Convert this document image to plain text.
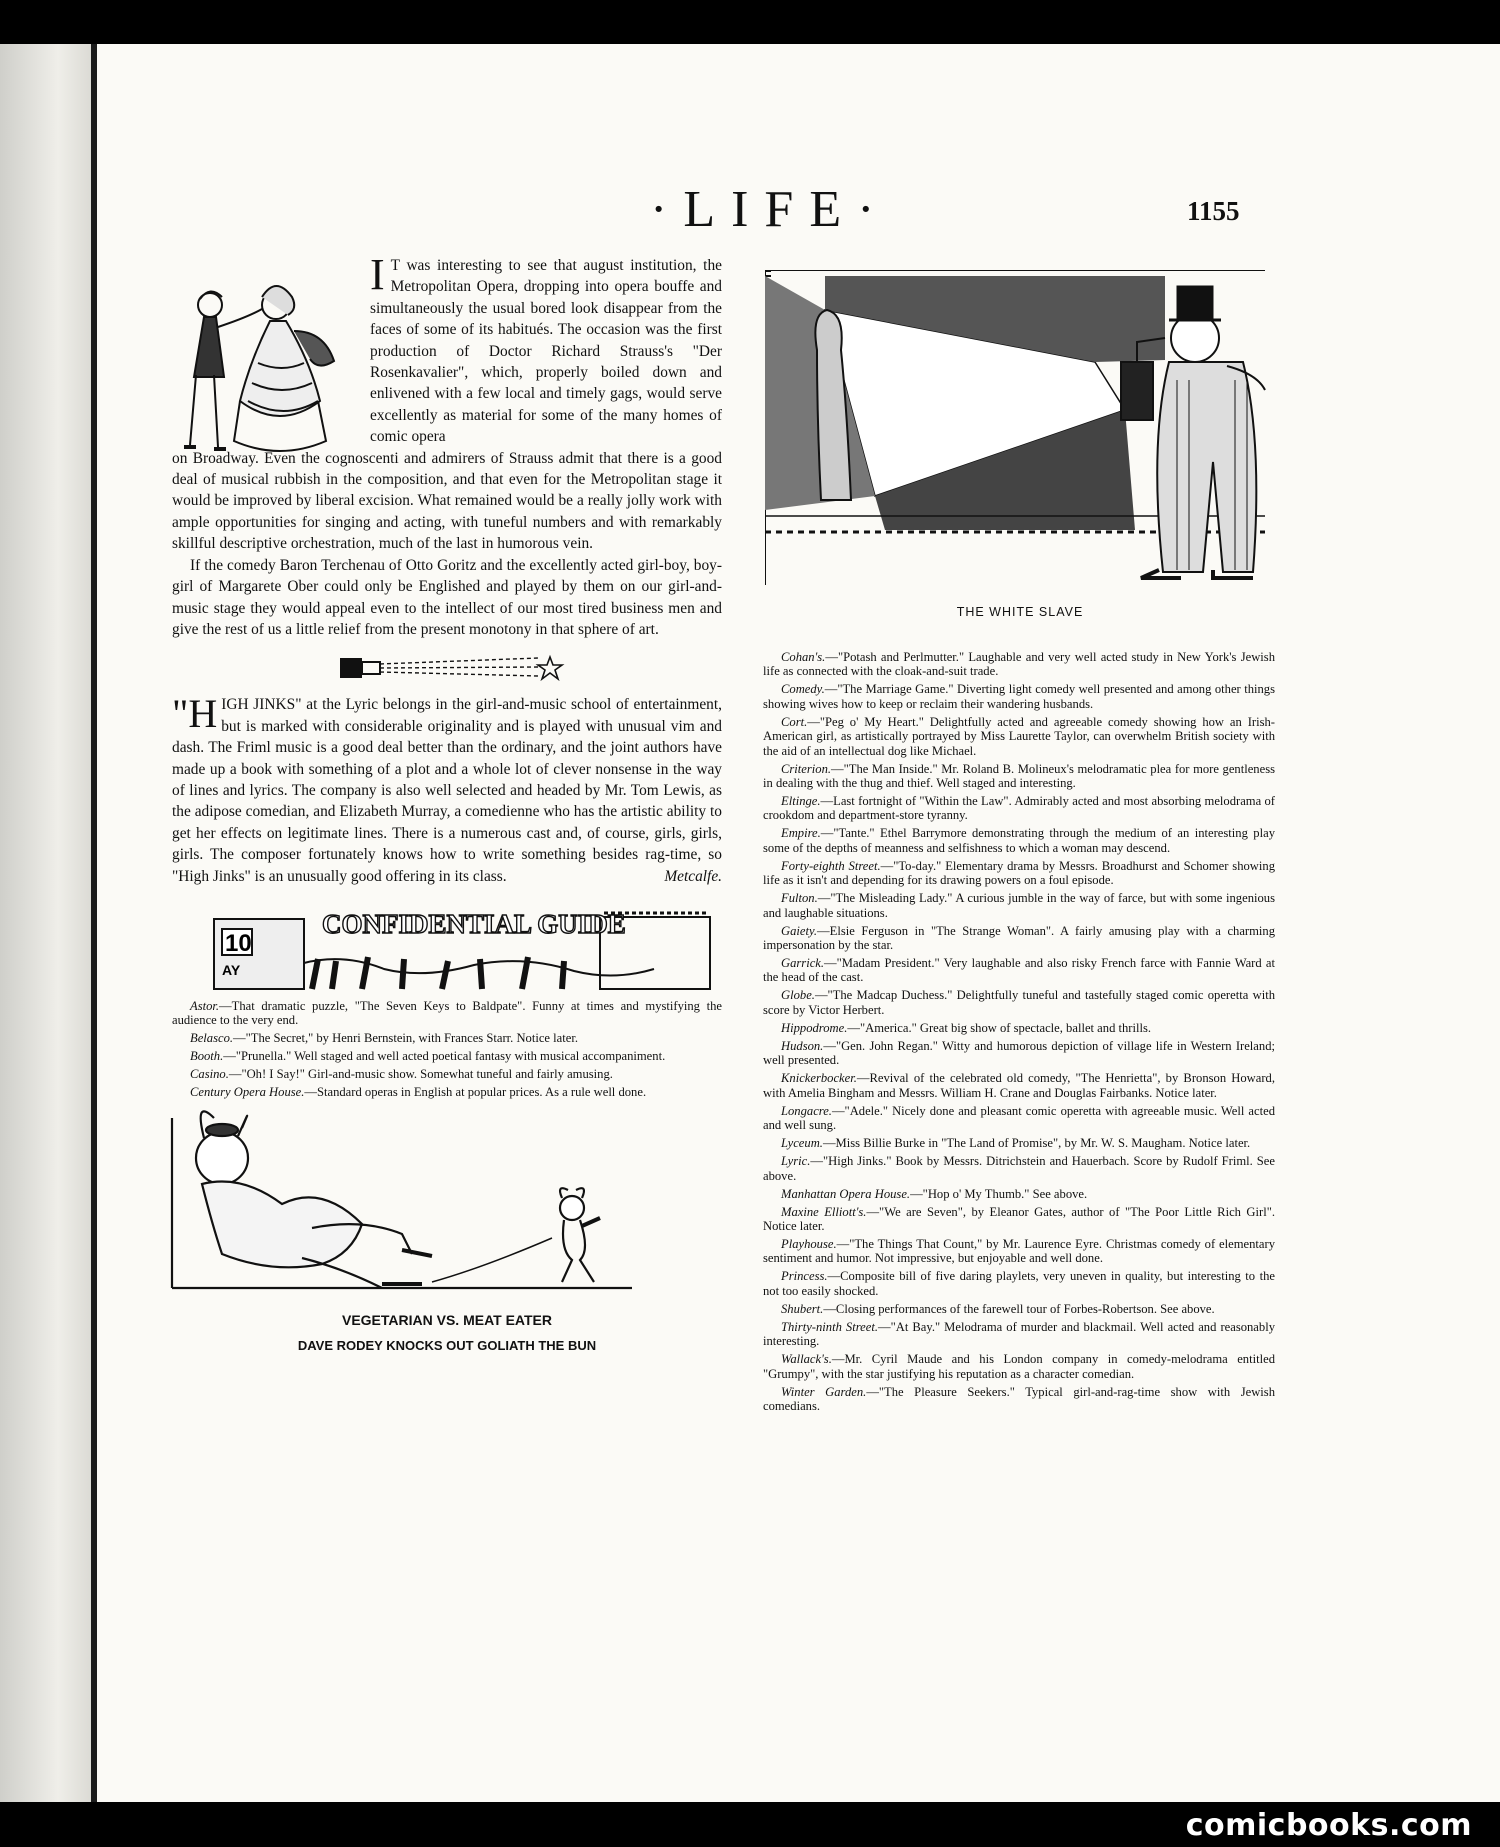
·LIFE·	1155
I T was interesting to see that august institution, the Metropolitan Opera, dropping into opera bouffe and simultaneously the usual bored look disappear from the faces of some of its habitués. The occasion was the first production of Doctor Richard Strauss's "Der Rosenkavalier", which, properly boiled down and enlivened with a few local and timely gags, would serve excellently as material for some of the many homes of comic opera

on Broadway. Even the cognoscenti and admirers of Strauss admit that there is a good deal of musical rubbish in the composition, and that even for the Metropolitan stage it would be improved by liberal excision. What remained would be a really jolly work with ample opportunities for singing and acting, with tuneful numbers and with remarkably skillful descriptive orchestration, much of the last in humorous vein.

If the comedy Baron Terchenau of Otto Goritz and the excellently acted girl-boy, boy-girl of Margarete Ober could only be Englished and played by them on our girl-and-music stage they would appeal even to the intellect of our most tired business men and give the rest of us a little relief from the present monotony in that sphere of art.

"H IGH JINKS" at the Lyric belongs in the girl-and-music school of entertainment, but is marked with considerable originality and is played with unusual vim and dash. The Friml music is a good deal better than the ordinary, and the joint authors have made up a book with something of a plot and a whole lot of clever nonsense in the way of lines and lyrics. The company is also well selected and headed by Mr. Tom Lewis, as the adipose comedian, and Elizabeth Murray, a comedienne who has the artistic ability to get her effects on legitimate lines. There is a numerous cast and, of course, girls, girls, girls. The composer fortunately knows how to write something besides rag-time, so "High Jinks" is an unusually good offering in its class.	Metcalfe.
10
AY
CONFIDENTIAL GUIDE

Astor.—That dramatic puzzle, "The Seven Keys to Baldpate". Funny at times and mystifying the audience to the very end.

Belasco.—"The Secret," by Henri Bernstein, with Frances Starr. Notice later.

Booth.—"Prunella." Well staged and well acted poetical fantasy with musical accompaniment.

Casino.—"Oh! I Say!" Girl-and-music show. Somewhat tuneful and fairly amusing.

Century Opera House.—Standard operas in English at popular prices. As a rule well done.

VEGETARIAN VS. MEAT EATER
DAVE RODEY KNOCKS OUT GOLIATH THE BUN
THE WHITE SLAVE

Cohan's.—"Potash and Perlmutter." Laughable and very well acted study in New York's Jewish life as connected with the cloak-and-suit trade.

Comedy.—"The Marriage Game." Diverting light comedy well presented and among other things showing wives how to keep or reclaim their wandering husbands.

Cort.—"Peg o' My Heart." Delightfully acted and agreeable comedy showing how an Irish-American girl, as artistically portrayed by Miss Laurette Taylor, can overwhelm British society with the aid of an intellectual dog like Michael.

Criterion.—"The Man Inside." Mr. Roland B. Molineux's melodramatic plea for more gentleness in dealing with the thug and thief. Well staged and interesting.

Eltinge.—Last fortnight of "Within the Law". Admirably acted and most absorbing melodrama of crookdom and department-store tyranny.

Empire.—"Tante." Ethel Barrymore demonstrating through the medium of an interesting play some of the depths of meanness and selfishness to which a woman may descend.

Forty-eighth Street.—"To-day." Elementary drama by Messrs. Broadhurst and Schomer showing life as it isn't and depending for its drawing powers on a foul episode.

Fulton.—"The Misleading Lady." A curious jumble in the way of farce, but with some ingenious and laughable situations.

Gaiety.—Elsie Ferguson in "The Strange Woman". A fairly amusing play with a charming impersonation by the star.

Garrick.—"Madam President." Very laughable and also risky French farce with Fannie Ward at the head of the cast.

Globe.—"The Madcap Duchess." Delightfully tuneful and tastefully staged comic operetta with score by Victor Herbert.

Hippodrome.—"America." Great big show of spectacle, ballet and thrills.

Hudson.—"Gen. John Regan." Witty and humorous depiction of village life in Western Ireland; well presented.

Knickerbocker.—Revival of the celebrated old comedy, "The Henrietta", by Bronson Howard, with Amelia Bingham and Messrs. William H. Crane and Douglas Fairbanks. Notice later.

Longacre.—"Adele." Nicely done and pleasant comic operetta with agreeable music. Well acted and well sung.

Lyceum.—Miss Billie Burke in "The Land of Promise", by Mr. W. S. Maugham. Notice later.

Lyric.—"High Jinks." Book by Messrs. Ditrichstein and Hauerbach. Score by Rudolf Friml. See above.

Manhattan Opera House.—"Hop o' My Thumb." See above.

Maxine Elliott's.—"We are Seven", by Eleanor Gates, author of "The Poor Little Rich Girl". Notice later.

Playhouse.—"The Things That Count," by Mr. Laurence Eyre. Christmas comedy of elementary sentiment and humor. Not impressive, but enjoyable and well done.

Princess.—Composite bill of five daring playlets, very uneven in quality, but interesting to the not too easily shocked.

Shubert.—Closing performances of the farewell tour of Forbes-Robertson. See above.

Thirty-ninth Street.—"At Bay." Melodrama of murder and blackmail. Well acted and reasonably interesting.

Wallack's.—Mr. Cyril Maude and his London company in comedy-melodrama entitled "Grumpy", with the star justifying his reputation as a character comedian.

Winter Garden.—"The Pleasure Seekers." Typical girl-and-rag-time show with Jewish comedians.

comicbooks.com
